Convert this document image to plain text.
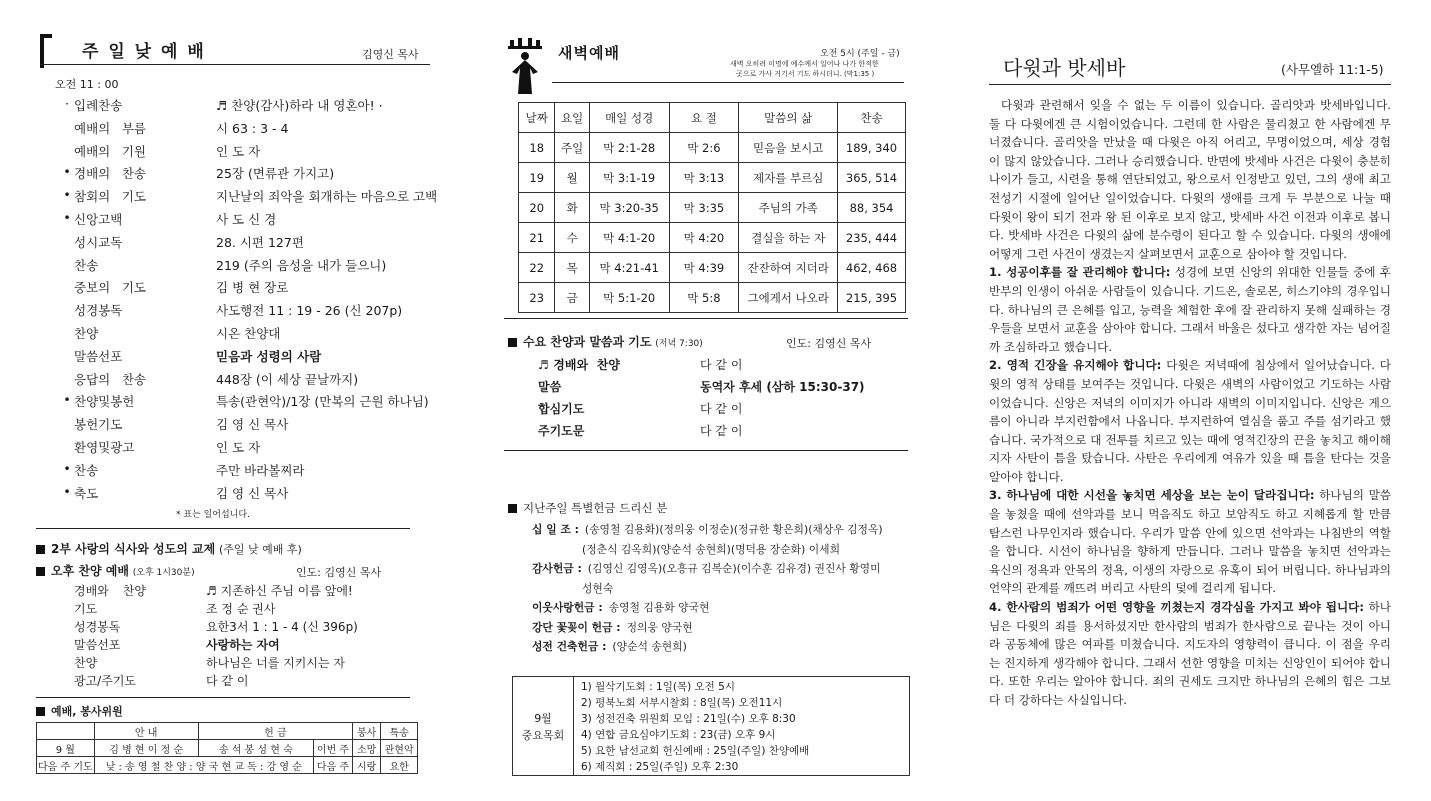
주 일 낮 예 배	김영신 목사
오전 11 : 00
· 입례찬송	♬ 찬양(감사)하라 내 영혼아! ·
예배의 부름	시 63 : 3 - 4
예배의 기원	인 도 자
• 경배의 찬송	25장 (면류관 가지고)
• 참회의 기도	지난날의 죄악을 회개하는 마음으로 고백
• 신앙고백	사 도 신 경
성시교독	28. 시편 127편
찬송	219 (주의 음성을 내가 들으니)
중보의 기도	김 병 현 장로
성경봉독	사도행전 11 : 19 - 26 (신 207p)
찬양	시온 찬양대
말씀선포	믿음과 성령의 사람
응답의 찬송	448장 (이 세상 끝날까지)
• 찬양및봉헌	특송(관현악)/1장 (만복의 근원 하나님)
봉헌기도	김 영 신 목사
환영및광고	인 도 자
• 찬송	주만 바라볼찌라
• 축도	김 영 신 목사
* 표는 일어섭니다.
2부 사랑의 식사와 성도의 교제 (주일 낮 예배 후)
오후 찬양 예배 (오후 1시30분)	인도: 김영신 목사
경배와 찬양	♬ 지존하신 주님 이름 앞에!
기도	조 정 순 권사
성경봉독	요한3서 1 : 1 - 4 (신 396p)
말씀선포	사랑하는 자여
찬양	하나님은 너를 지키시는 자
광고/주기도	다 같 이
예배, 봉사위원
	안 내	헌 금		봉사	특송
9 월	김 병 현 이 정 순	송 석 봉 성 현 숙	이번 주	소망	관현악
다음 주 기도	낮 : 송 영 철 찬 양 : 양 국 현 교 독 : 강 영 순		다음 주	시랑	요한
새벽예배	오전 5시 (주일 - 금)
새벽 오히려 미명에 예수께서 일어나 나가 한적한
곳으로 가사 거기서 기도 하시더니. (막1:35 )
날짜	요일	매일 성경	요 절	말씀의 삶	찬송
18	주일	막 2:1-28	막 2:6	믿음을 보시고	189, 340
19	월	막 3:1-19	막 3:13	제자를 부르심	365, 514
20	화	막 3:20-35	막 3:35	주님의 가족	88, 354
21	수	막 4:1-20	막 4:20	결실을 하는 자	235, 444
22	목	막 4:21-41	막 4:39	잔잔하여 지더라	462, 468
23	금	막 5:1-20	막 5:8	그에게서 나오라	215, 395
수요 찬양과 말씀과 기도 (저녁 7:30)	인도: 김영신 목사
♬경배와 찬양	다 같 이
말씀	동역자 후세 (삼하 15:30-37)
합심기도	다 같 이
주기도문	다 같 이
지난주일 특별헌금 드리신 분
십 일 조 : (송영철 김용화)(정의웅 이정순)(정규한 황은희)(채상우 김정옥)
(정춘식 김옥희)(양순석 송현희)(명덕용 장순화) 이세희
감사헌금 : (김영신 김영옥)(오흥규 김복순)(이수훈 김유경) 권진사 황영미
성현숙
이웃사랑헌금 : 송영철 김용화 양국현
강단 꽃꽂이 헌금 : 정의웅 양국현
성전 건축헌금 : (양순석 송현희)
9월
중요목회
1) 월삭기도회 : 1일(목) 오전 5시
2) 평북노회 서부시찰회 : 8일(목) 오전11시
3) 성전건축 위원회 모임 : 21일(수) 오후 8:30
4) 연합 금요심야기도회 : 23(금) 오후 9시
5) 요한 남선교회 헌신예배 : 25일(주일) 찬양예배
6) 제직회 : 25일(주일) 오후 2:30
다윗과 밧세바	(사무엘하 11:1-5)

다윗과 관련해서 잊을 수 없는 두 이름이 있습니다. 골리앗과 밧세바입니다. 둘 다 다윗에겐 큰 시험이었습니다. 그런데 한 사람은 물리쳤고 한 사람에겐 무너졌습니다. 골리앗을 만났을 때 다윗은 아직 어리고, 무명이었으며, 세상 경험이 많지 않았습니다. 그러나 승리했습니다. 반면에 밧세바 사건은 다윗이 충분히 나이가 들고, 시련을 통해 연단되었고, 왕으로서 인정받고 있던, 그의 생애 최고 전성기 시절에 일어난 일이었습니다. 다윗의 생애를 크게 두 부분으로 나눌 때 다윗이 왕이 되기 전과 왕 된 이후로 보지 않고, 밧세바 사건 이전과 이후로 봅니다. 밧세바 사건은 다윗의 삶에 분수령이 된다고 할 수 있습니다. 다윗의 생애에 어떻게 그런 사건이 생겼는지 살펴보면서 교훈으로 삼아야 할 것입니다.

1. 성공이후를 잘 관리해야 합니다: 성경에 보면 신앙의 위대한 인물들 중에 후반부의 인생이 아쉬운 사람들이 있습니다. 기드온, 솔로몬, 히스기야의 경우입니다. 하나님의 큰 은혜를 입고, 능력을 체험한 후에 잘 관리하지 못해 실패하는 경우들을 보면서 교훈을 삼아야 합니다. 그래서 바울은 섰다고 생각한 자는 넘어질까 조심하라고 했습니다.

2. 영적 긴장을 유지해야 합니다: 다윗은 저녁때에 침상에서 일어났습니다. 다윗의 영적 상태를 보여주는 것입니다. 다윗은 새벽의 사람이었고 기도하는 사람이었습니다. 신앙은 저녁의 이미지가 아니라 새벽의 이미지입니다. 신앙은 게으름이 아니라 부지런함에서 나옵니다. 부지런하여 열심을 품고 주를 섬기라고 했습니다. 국가적으로 대 전투를 치르고 있는 때에 영적긴장의 끈을 놓치고 해이해지자 사탄이 틈을 탔습니다. 사탄은 우리에게 여유가 있을 때 틈을 탄다는 것을 알아야 합니다.

3. 하나님에 대한 시선을 놓치면 세상을 보는 눈이 달라집니다: 하나님의 말씀을 놓쳤을 때에 선악과를 보니 먹음직도 하고 보암직도 하고 지혜롭게 할 만큼 탐스런 나무인지라 했습니다. 우리가 말씀 안에 있으면 선악과는 나침반의 역할을 합니다. 시선이 하나님을 향하게 만듭니다. 그러나 말씀을 놓치면 선악과는 육신의 정욕과 안목의 정욕, 이생의 자랑으로 유혹이 되어 버립니다. 하나님과의 언약의 관계를 깨뜨려 버리고 사탄의 덫에 걸리게 됩니다.

4. 한사람의 범죄가 어떤 영향을 끼쳤는지 경각심을 가지고 봐야 됩니다: 하나님은 다윗의 죄를 용서하셨지만 한사람의 범죄가 한사람으로 끝나는 것이 아니라 공동체에 많은 여파를 미쳤습니다. 지도자의 영향력이 큽니다. 이 점을 우리는 진지하게 생각해야 합니다. 그래서 선한 영향을 미치는 신앙인이 되어야 합니다. 또한 우리는 알아야 합니다. 죄의 권세도 크지만 하나님의 은혜의 힘은 그보다 더 강하다는 사실입니다.
